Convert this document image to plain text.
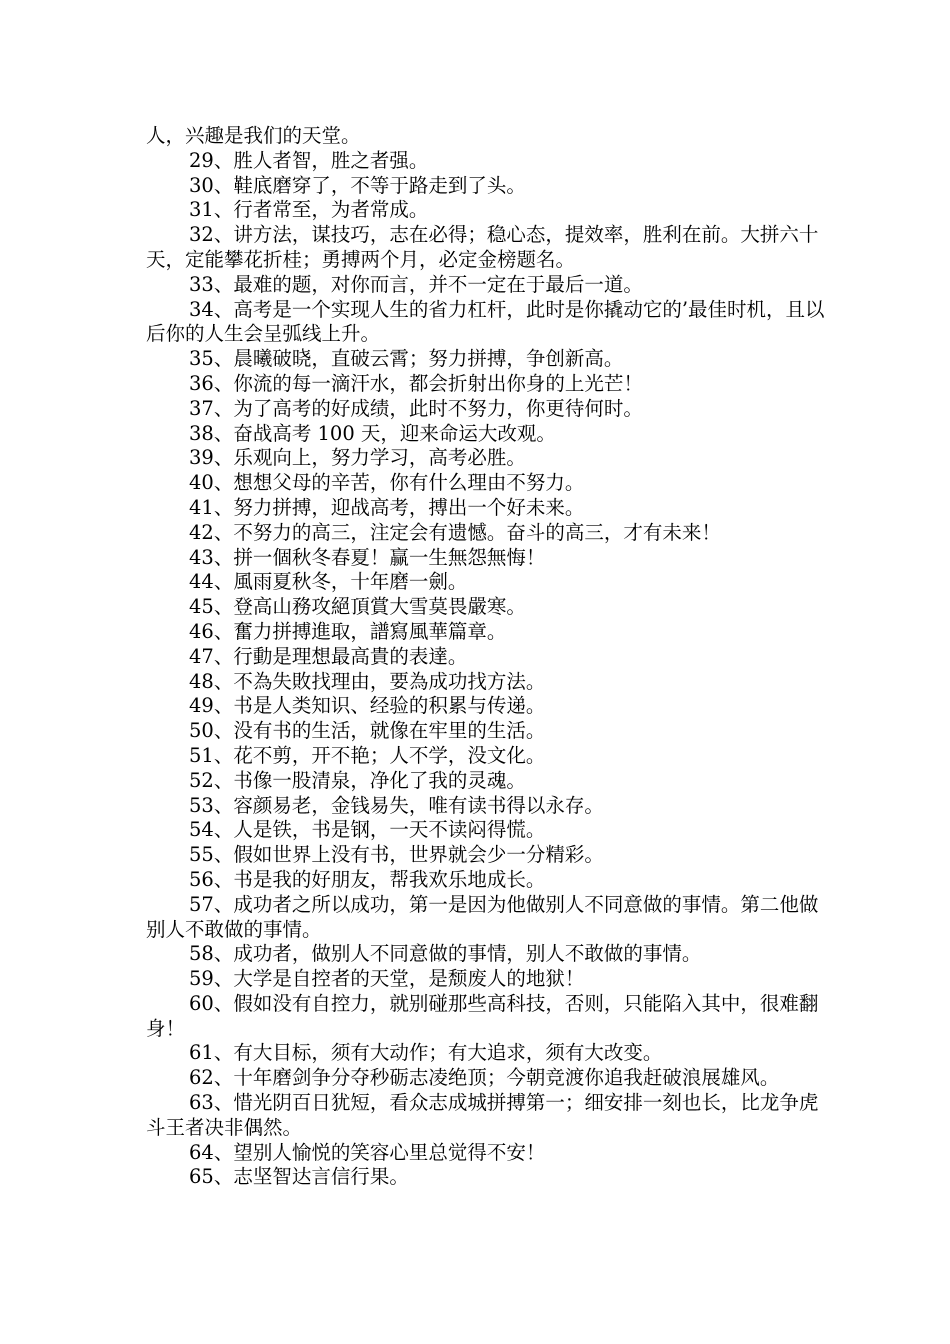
人，兴趣是我们的天堂。

29、胜人者智，胜之者强。

30、鞋底磨穿了，不等于路走到了头。

31、行者常至，为者常成。

32、讲方法，谋技巧，志在必得；稳心态，提效率，胜利在前。大拼六十天，定能攀花折桂；勇搏两个月，必定金榜题名。

33、最难的题，对你而言，并不一定在于最后一道。

34、高考是一个实现人生的省力杠杆，此时是你撬动它的’最佳时机，且以后你的人生会呈弧线上升。

35、晨曦破晓，直破云霄；努力拼搏，争创新高。

36、你流的每一滴汗水，都会折射出你身的上光芒！

37、为了高考的好成绩，此时不努力，你更待何时。

38、奋战高考 100 天，迎来命运大改观。

39、乐观向上，努力学习，高考必胜。

40、想想父母的辛苦，你有什么理由不努力。

41、努力拼搏，迎战高考，搏出一个好未来。

42、不努力的高三，注定会有遗憾。奋斗的高三，才有未来！

43、拼一個秋冬春夏！赢一生無怨無悔！

44、風雨夏秋冬，十年磨一劍。

45、登高山務攻絕頂賞大雪莫畏嚴寒。

46、奮力拼搏進取，譜寫風華篇章。

47、行動是理想最高貴的表達。

48、不為失敗找理由，要為成功找方法。

49、书是人类知识、经验的积累与传递。

50、没有书的生活，就像在牢里的生活。

51、花不剪，开不艳；人不学，没文化。

52、书像一股清泉，净化了我的灵魂。

53、容颜易老，金钱易失，唯有读书得以永存。

54、人是铁，书是钢，一天不读闷得慌。

55、假如世界上没有书，世界就会少一分精彩。

56、书是我的好朋友，帮我欢乐地成长。

57、成功者之所以成功，第一是因为他做别人不同意做的事情。第二他做别人不敢做的事情。

58、成功者，做别人不同意做的事情，别人不敢做的事情。

59、大学是自控者的天堂，是颓废人的地狱！

60、假如没有自控力，就别碰那些高科技，否则，只能陷入其中，很难翻身！

61、有大目标，须有大动作；有大追求，须有大改变。

62、十年磨剑争分夺秒砺志凌绝顶；今朝竞渡你追我赶破浪展雄风。

63、惜光阴百日犹短，看众志成城拼搏第一；细安排一刻也长，比龙争虎斗王者决非偶然。

64、望别人愉悦的笑容心里总觉得不安！

65、志坚智达言信行果。
